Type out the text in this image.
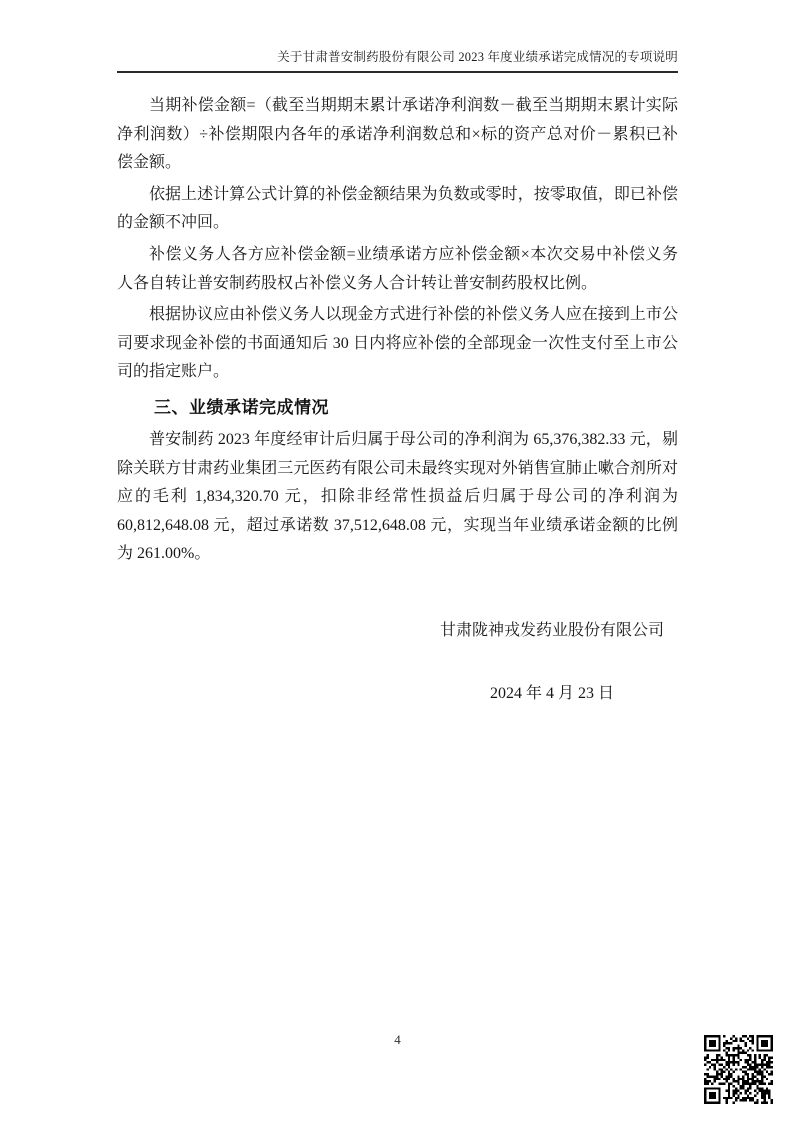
关于甘肃普安制药股份有限公司 2023 年度业绩承诺完成情况的专项说明

当期补偿金额=（截至当期期末累计承诺净利润数－截至当期期末累计实际净利润数）÷补偿期限内各年的承诺净利润数总和×标的资产总对价－累积已补偿金额。

依据上述计算公式计算的补偿金额结果为负数或零时，按零取值，即已补偿的金额不冲回。

补偿义务人各方应补偿金额=业绩承诺方应补偿金额×本次交易中补偿义务人各自转让普安制药股权占补偿义务人合计转让普安制药股权比例。

根据协议应由补偿义务人以现金方式进行补偿的补偿义务人应在接到上市公司要求现金补偿的书面通知后 30 日内将应补偿的全部现金一次性支付至上市公司的指定账户。

三、业绩承诺完成情况

普安制药 2023 年度经审计后归属于母公司的净利润为 65,376,382.33 元，剔除关联方甘肃药业集团三元医药有限公司未最终实现对外销售宣肺止嗽合剂所对应的毛利 1,834,320.70 元，扣除非经常性损益后归属于母公司的净利润为 60,812,648.08 元，超过承诺数 37,512,648.08 元，实现当年业绩承诺金额的比例为 261.00%。

甘肃陇神戎发药业股份有限公司
2024 年 4 月 23 日
4
